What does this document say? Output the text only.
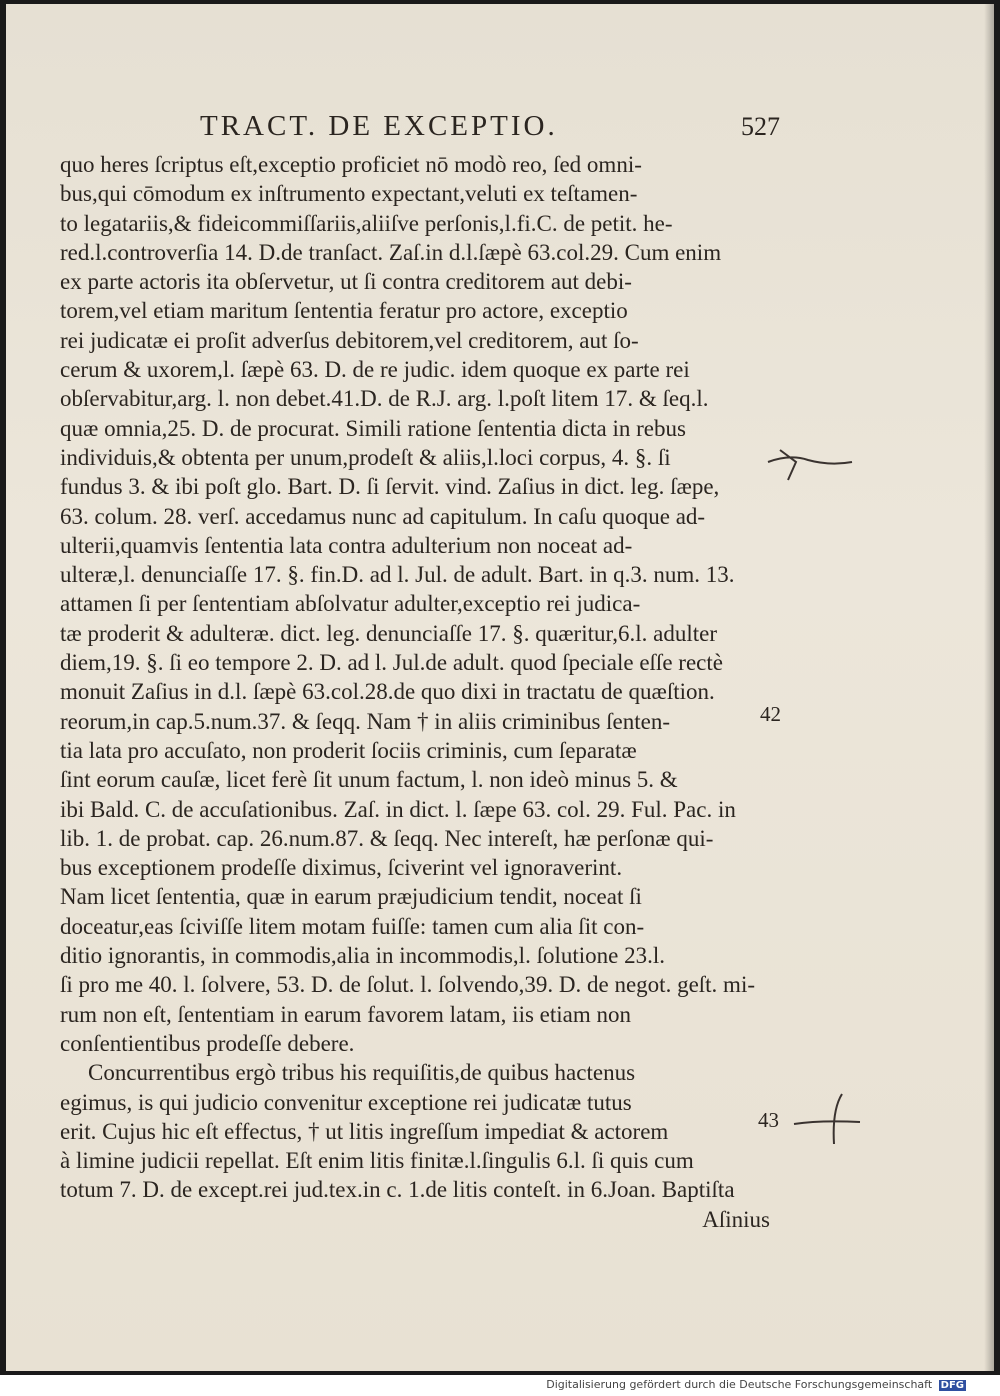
TRACT. DE EXCEPTIO.	527
quo heres ſcriptus eſt,exceptio proficiet nō modò reo, ſed omni-
bus,qui cōmodum ex inſtrumento expectant,veluti ex teſtamen-
to legatariis,& fideicommiſſariis,aliiſve perſonis,l.fi.C. de petit. he-
red.l.controverſia 14. D.de tranſact. Zaſ.in d.l.ſæpè 63.col.29. Cum enim
ex parte actoris ita obſervetur, ut ſi contra creditorem aut debi-
torem,vel etiam maritum ſententia feratur pro actore, exceptio
rei judicatæ ei proſit adverſus debitorem,vel creditorem, aut ſo-
cerum & uxorem,l. ſæpè 63. D. de re judic. idem quoque ex parte rei
obſervabitur,arg. l. non debet.41.D. de R.J. arg. l.poſt litem 17. & ſeq.l.
quæ omnia,25. D. de procurat. Simili ratione ſententia dicta in rebus
individuis,& obtenta per unum,prodeſt & aliis,l.loci corpus, 4. §. ſi
fundus 3. & ibi poſt glo. Bart. D. ſi ſervit. vind. Zaſius in dict. leg. ſæpe,
63. colum. 28. verſ. accedamus nunc ad capitulum. In caſu quoque ad-
ulterii,quamvis ſententia lata contra adulterium non noceat ad-
ulteræ,l. denunciaſſe 17. §. fin.D. ad l. Jul. de adult. Bart. in q.3. num. 13.
attamen ſi per ſententiam abſolvatur adulter,exceptio rei judica-
tæ proderit & adulteræ. dict. leg. denunciaſſe 17. §. quæritur,6.l. adulter
diem,19. §. ſi eo tempore 2. D. ad l. Jul.de adult. quod ſpeciale eſſe rectè
monuit Zaſius in d.l. ſæpè 63.col.28.de quo dixi in tractatu de quæſtion.
reorum,in cap.5.num.37. & ſeqq. Nam † in aliis criminibus ſenten-
tia lata pro accuſato, non proderit ſociis criminis, cum ſeparatæ
ſint eorum cauſæ, licet ferè ſit unum factum, l. non ideò minus 5. &
ibi Bald. C. de accuſationibus. Zaſ. in dict. l. ſæpe 63. col. 29. Ful. Pac. in
lib. 1. de probat. cap. 26.num.87. & ſeqq. Nec intereſt, hæ perſonæ qui-
bus exceptionem prodeſſe diximus, ſciverint vel ignoraverint.
Nam licet ſententia, quæ in earum præjudicium tendit, noceat ſi
doceatur,eas ſciviſſe litem motam fuiſſe: tamen cum alia ſit con-
ditio ignorantis, in commodis,alia in incommodis,l. ſolutione 23.l.
ſi pro me 40. l. ſolvere, 53. D. de ſolut. l. ſolvendo,39. D. de negot. geſt. mi-
rum non eſt, ſententiam in earum favorem latam, iis etiam non
conſentientibus prodeſſe debere.
Concurrentibus ergò tribus his requiſitis,de quibus hactenus
egimus, is qui judicio convenitur exceptione rei judicatæ tutus
erit. Cujus hic eſt effectus, † ut litis ingreſſum impediat & actorem
à limine judicii repellat. Eſt enim litis finitæ.l.ſingulis 6.l. ſi quis cum
totum 7. D. de except.rei jud.tex.in c. 1.de litis conteſt. in 6.Joan. Baptiſta
Aſinius
42
43
Digitalisierung gefördert durch die Deutsche Forschungsgemeinschaft DFG
